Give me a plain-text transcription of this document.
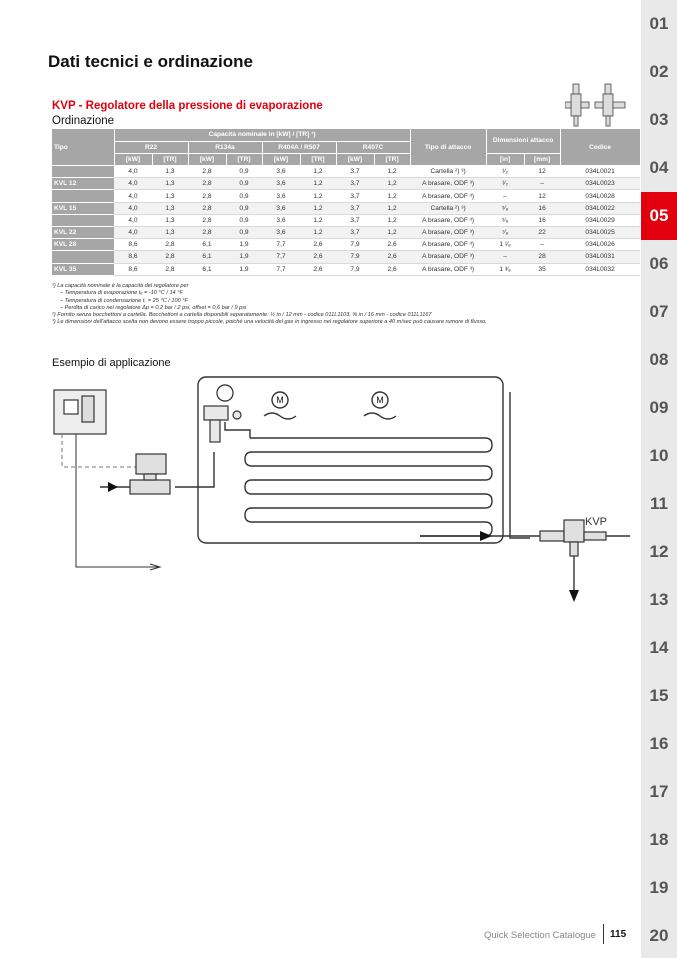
01
02
03
04
05
06
07
08
09
10
11
12
13
14
15
16
17
18
19
20
Dati tecnici e ordinazione
KVP - Regolatore della pressione di evaporazione
Ordinazione
Tipo	Capacità nominale in [kW] / [TR] ¹)								Tipo di attacco	Dimensioni attacco		Codice
	R22		R134a		R404A / R507		R407C					
	[kW]	[TR]	[kW]	[TR]	[kW]	[TR]	[kW]	[TR]		[in]	[mm]	
	4,0	1,3	2,8	0,9	3,6	1,2	3,7	1,2	Cartella ²) ³)	¹⁄₂	12	034L0021
KVL 12	4,0	1,3	2,8	0,9	3,6	1,2	3,7	1,2	A brasare, ODF ³)	¹⁄₂	–	034L0023
	4,0	1,3	2,8	0,9	3,6	1,2	3,7	1,2	A brasare, ODF ³)	–	12	034L0028
KVL 15	4,0	1,3	2,8	0,9	3,6	1,2	3,7	1,2	Cartella ²) ³)	⁵⁄₈	16	034L0022
	4,0	1,3	2,8	0,9	3,6	1,2	3,7	1,2	A brasare, ODF ³)	⁵⁄₈	16	034L0029
KVL 22	4,0	1,3	2,8	0,9	3,6	1,2	3,7	1,2	A brasare, ODF ³)	⁷⁄₈	22	034L0025
KVL 28	8,6	2,8	6,1	1,9	7,7	2,6	7,9	2,6	A brasare, ODF ³)	1 ¹⁄₈	–	034L0026
	8,6	2,8	6,1	1,9	7,7	2,6	7,9	2,6	A brasare, ODF ³)	–	28	034L0031
KVL 35	8,6	2,8	6,1	1,9	7,7	2,6	7,9	2,6	A brasare, ODF ³)	1 ³⁄₈	35	034L0032
¹) La capacità nominale è la capacità del regolatore per
– Temperatura di evaporazione tₑ = -10 °C / 14 °F
– Temperatura di condensazione t꜀ = 25 °C / 100 °F
– Perdita di carico nel regolatore Δp = 0,2 bar / 2 psi, offset = 0,6 bar / 9 psi
²) Fornito senza bocchettoni a cartella. Bocchettoni a cartella disponibili separatamente: ½ in / 12 mm - codice 011L1103, ⅝ in / 16 mm - codice 011L1167
³) Le dimensioni dell'attacco scelta non devono essere troppo piccole, poiché una velocità del gas in ingresso nel regolatore superiore a 40 m/sec può causare rumore di flusso.
Esempio di applicazione
M	M
KVP
Quick Selection Catalogue 115
